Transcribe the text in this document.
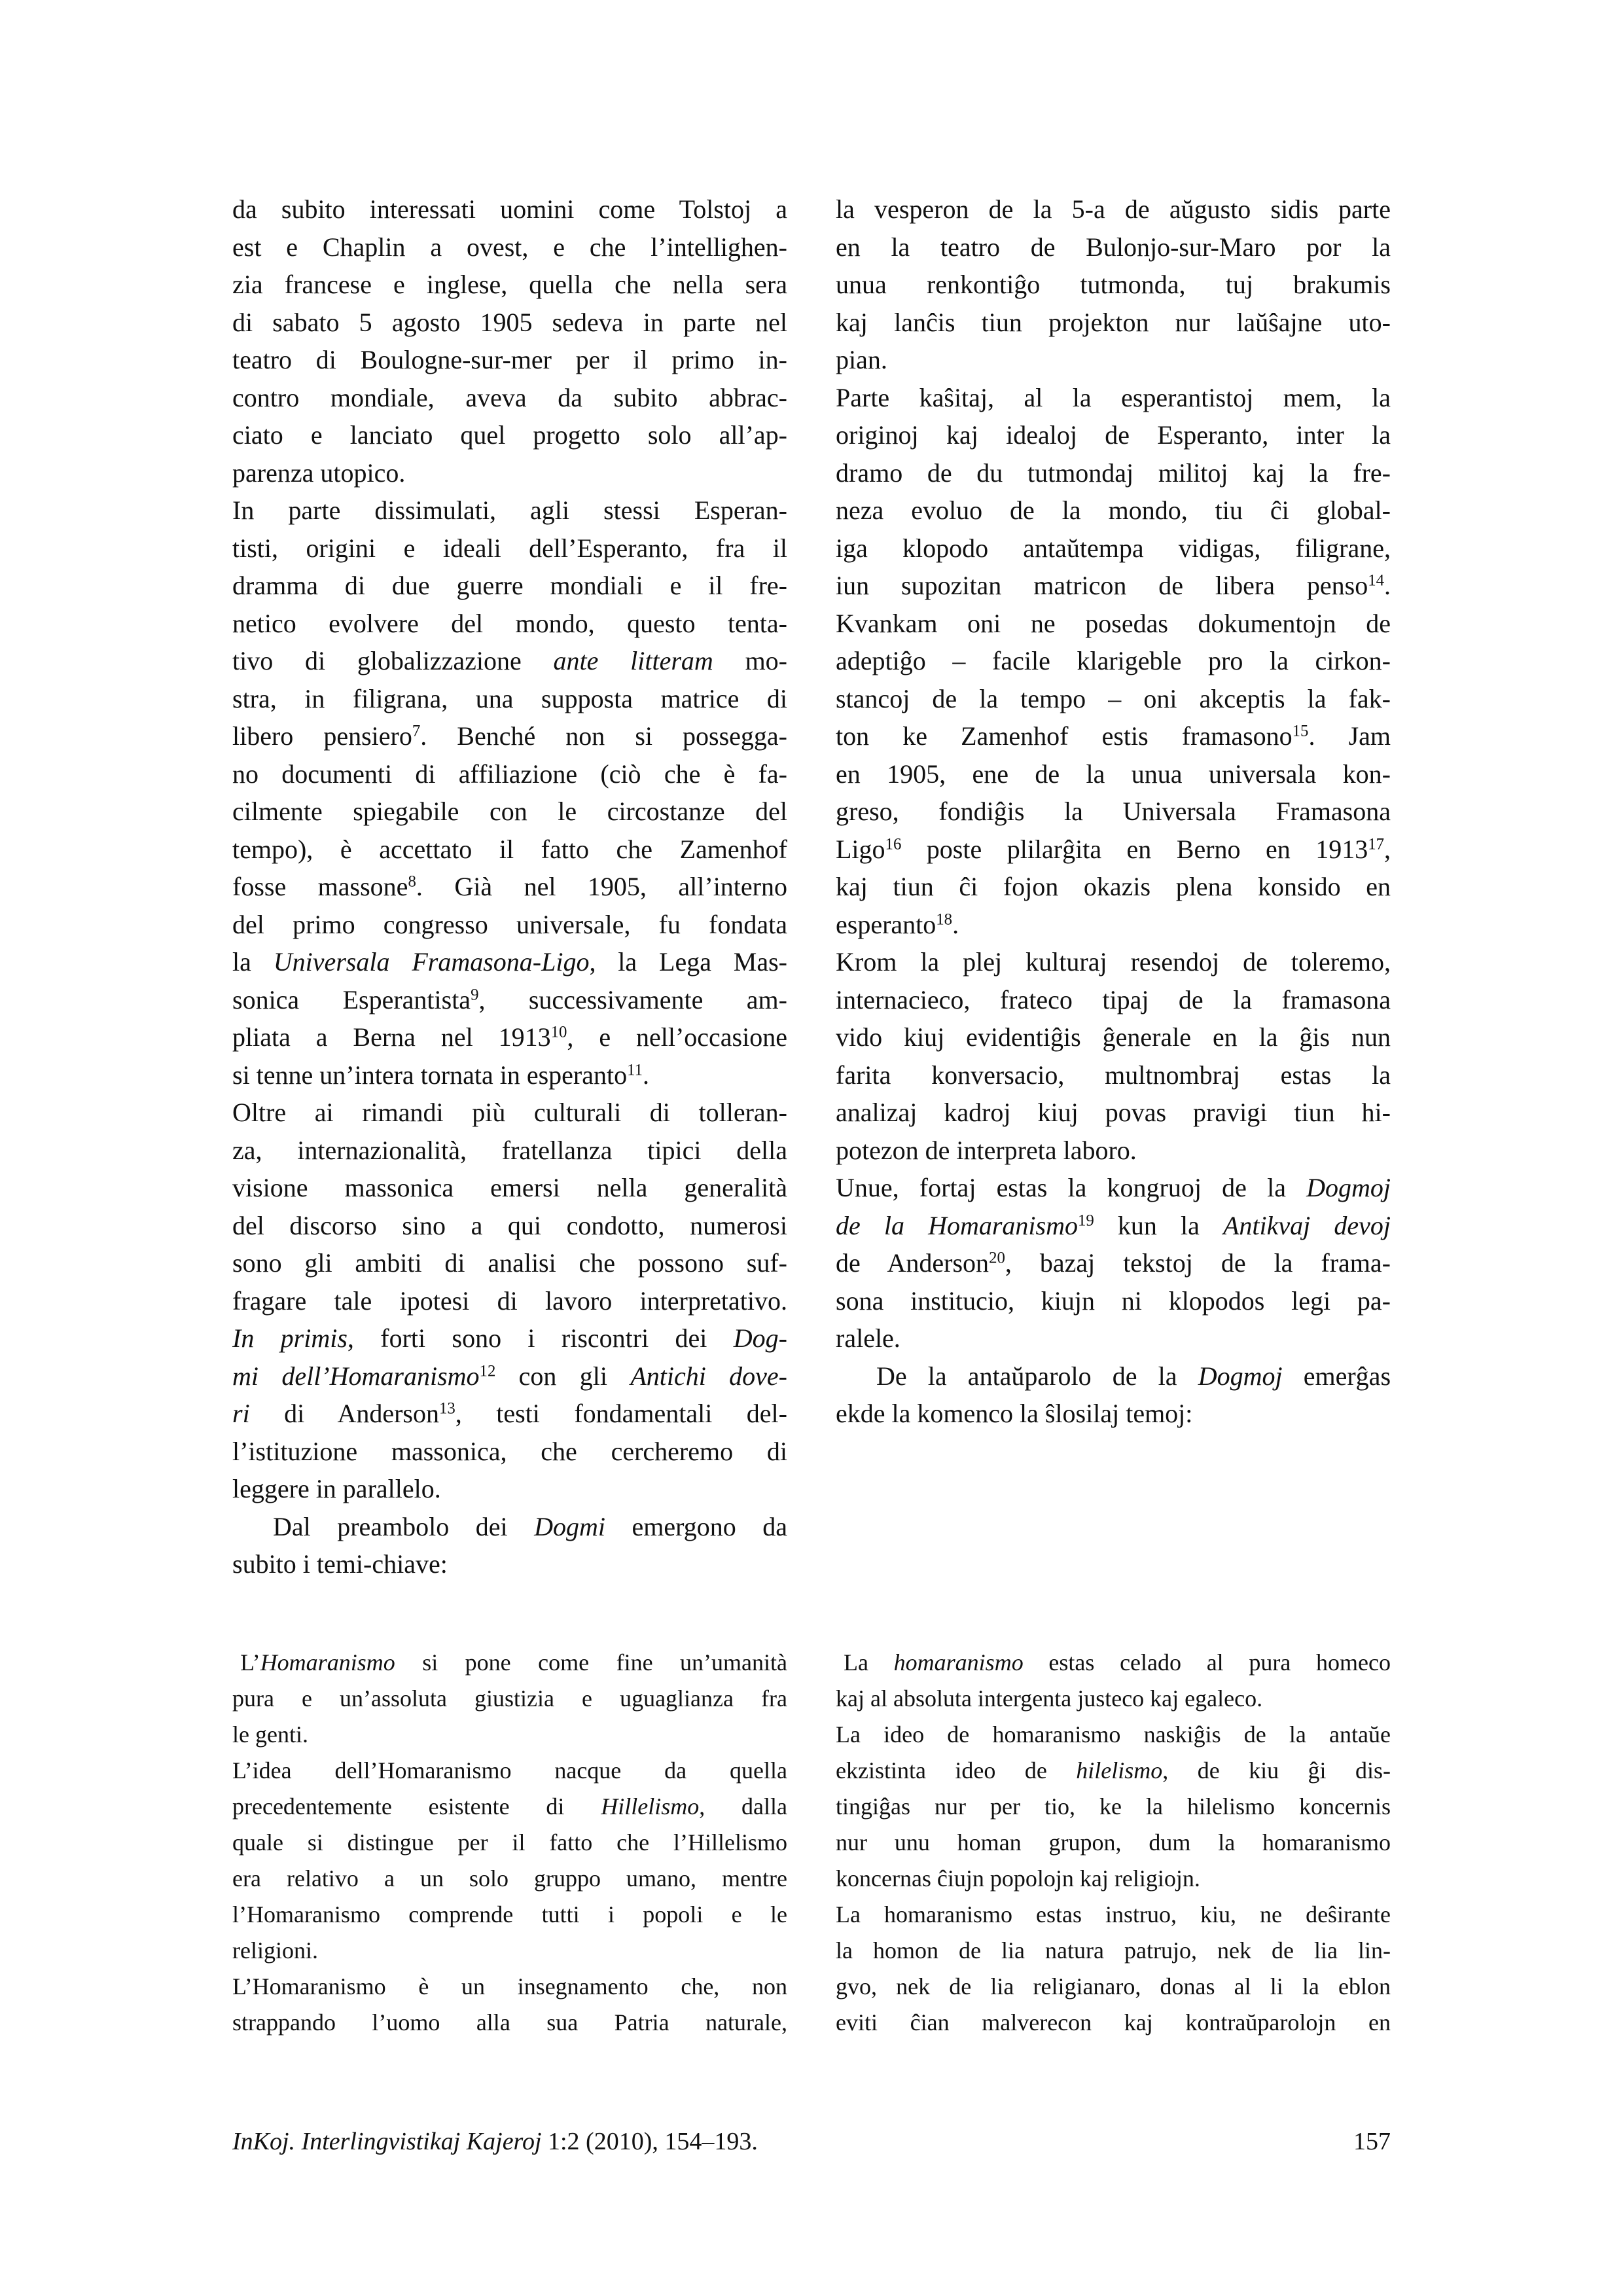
da subito interessati uomini come Tolstoj a
est e Chaplin a ovest, e che l’intellighen-
zia francese e inglese, quella che nella sera
di sabato 5 agosto 1905 sedeva in parte nel
teatro di Boulogne-sur-mer per il primo in-
contro mondiale, aveva da subito abbrac-
ciato e lanciato quel progetto solo all’ap-
parenza utopico.
In parte dissimulati, agli stessi Esperan-
tisti, origini e ideali dell’Esperanto, fra il
dramma di due guerre mondiali e il fre-
netico evolvere del mondo, questo tenta-
tivo di globalizzazione ante litteram mo-
stra, in filigrana, una supposta matrice di
libero pensiero$^7$. Benché non si possegga-
no documenti di affiliazione (ciò che è fa-
cilmente spiegabile con le circostanze del
tempo), è accettato il fatto che Zamenhof
fosse massone$^8$. Già nel 1905, all’interno
del primo congresso universale, fu fondata
la Universala Framasona-Ligo, la Lega Mas-
sonica Esperantista$^9$, successivamente am-
pliata a Berna nel 1913$^{10}$, e nell’occasione
si tenne un’intera tornata in esperanto$^{11}$.
Oltre ai rimandi più culturali di tolleran-
za, internazionalità, fratellanza tipici della
visione massonica emersi nella generalità
del discorso sino a qui condotto, numerosi
sono gli ambiti di analisi che possono suf-
fragare tale ipotesi di lavoro interpretativo.
In primis, forti sono i riscontri dei Dog-
mi dell’Homaranismo$^{12}$ con gli Antichi dove-
ri di Anderson$^{13}$, testi fondamentali del-
l’istituzione massonica, che cercheremo di
leggere in parallelo.
Dal preambolo dei Dogmi emergono da
subito i temi-chiave:
la vesperon de la 5-a de aŭgusto sidis parte
en la teatro de Bulonjo-sur-Maro por la
unua renkontiĝo tutmonda, tuj brakumis
kaj lanĉis tiun projekton nur laŭŝajne uto-
pian.
Parte kaŝitaj, al la esperantistoj mem, la
originoj kaj idealoj de Esperanto, inter la
dramo de du tutmondaj militoj kaj la fre-
neza evoluo de la mondo, tiu ĉi global-
iga klopodo antaŭtempa vidigas, filigrane,
iun supozitan matricon de libera penso$^{14}$.
Kvankam oni ne posedas dokumentojn de
adeptiĝo – facile klarigeble pro la cirkon-
stancoj de la tempo – oni akceptis la fak-
ton ke Zamenhof estis framasono$^{15}$. Jam
en 1905, ene de la unua universala kon-
greso, fondiĝis la Universala Framasona
Ligo$^{16}$ poste plilarĝita en Berno en 1913$^{17}$,
kaj tiun ĉi fojon okazis plena konsido en
esperanto$^{18}$.
Krom la plej kulturaj resendoj de toleremo,
internacieco, frateco tipaj de la framasona
vido kiuj evidentiĝis ĝenerale en la ĝis nun
farita konversacio, multnombraj estas la
analizaj kadroj kiuj povas pravigi tiun hi-
potezon de interpreta laboro.
Unue, fortaj estas la kongruoj de la Dogmoj
de la Homaranismo$^{19}$ kun la Antikvaj devoj
de Anderson$^{20}$, bazaj tekstoj de la frama-
sona institucio, kiujn ni klopodos legi pa-
ralele.
De la antaŭparolo de la Dogmoj emerĝas
ekde la komenco la ŝlosilaj temoj:
L’Homaranismo si pone come fine un’umanità
pura e un’assoluta giustizia e uguaglianza fra
le genti.
L’idea dell’Homaranismo nacque da quella
precedentemente esistente di Hillelismo, dalla
quale si distingue per il fatto che l’Hillelismo
era relativo a un solo gruppo umano, mentre
l’Homaranismo comprende tutti i popoli e le
religioni.
L’Homaranismo è un insegnamento che, non
strappando l’uomo alla sua Patria naturale,
La homaranismo estas celado al pura homeco
kaj al absoluta intergenta justeco kaj egaleco.
La ideo de homaranismo naskiĝis de la antaŭe
ekzistinta ideo de hilelismo, de kiu ĝi dis-
tingiĝas nur per tio, ke la hilelismo koncernis
nur unu homan grupon, dum la homaranismo
koncernas ĉiujn popolojn kaj religiojn.
La homaranismo estas instruo, kiu, ne deŝirante
la homon de lia natura patrujo, nek de lia lin-
gvo, nek de lia religianaro, donas al li la eblon
eviti ĉian malverecon kaj kontraŭparolojn en
InKoj. Interlingvistikaj Kajeroj 1:2 (2010), 154–193.	157
